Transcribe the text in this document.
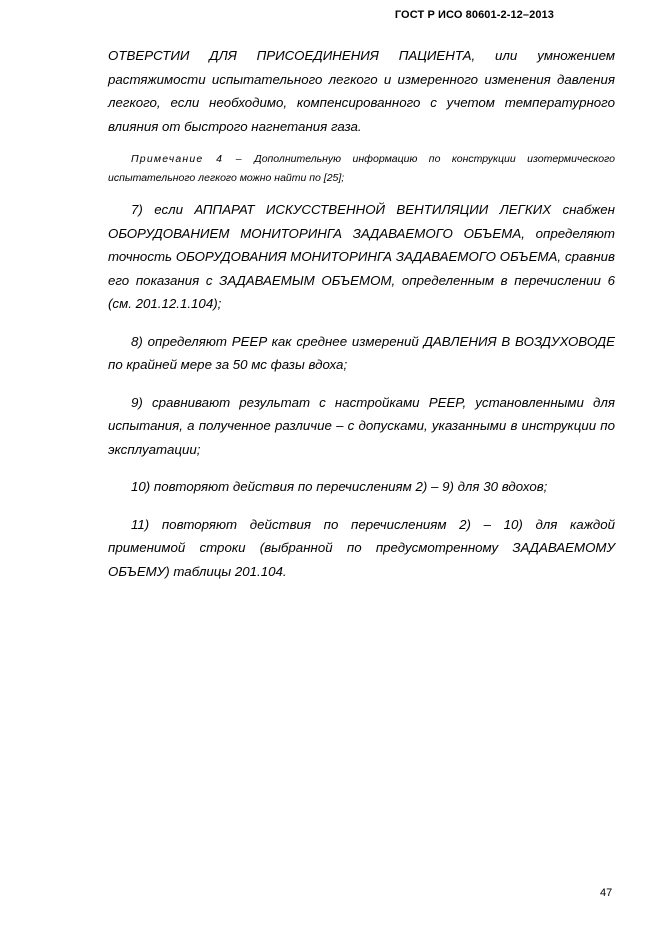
ГОСТ Р ИСО 80601-2-12–2013

ОТВЕРСТИИ ДЛЯ ПРИСОЕДИНЕНИЯ ПАЦИЕНТА, или умножением растяжимости испытательного легкого и измеренного изменения давления легкого, если необходимо, компенсированного с учетом температурного влияния от быстрого нагнетания газа.

Примечание 4 – Дополнительную информацию по конструкции изотермического испытательного легкого можно найти по [25];

7) если АППАРАТ ИСКУССТВЕННОЙ ВЕНТИЛЯЦИИ ЛЕГКИХ снабжен ОБОРУДОВАНИЕМ МОНИТОРИНГА ЗАДАВАЕМОГО ОБЪЕМА, определяют точность ОБОРУДОВАНИЯ МОНИТОРИНГА ЗАДАВАЕМОГО ОБЪЕМА, сравнив его показания с ЗАДАВАЕМЫМ ОБЪЕМОМ, определенным в перечислении 6 (см. 201.12.1.104);

8) определяют PEEP как среднее измерений ДАВЛЕНИЯ В ВОЗДУХОВОДЕ по крайней мере за 50 мс фазы вдоха;

9) сравнивают результат с настройками PEEP, установленными для испытания, а полученное различие – с допусками, указанными в инструкции по эксплуатации;

10) повторяют действия по перечислениям 2) – 9) для 30 вдохов;

11) повторяют действия по перечислениям 2) – 10) для каждой применимой строки (выбранной по предусмотренному ЗАДАВАЕМОМУ ОБЪЕМУ) таблицы 201.104.

47
